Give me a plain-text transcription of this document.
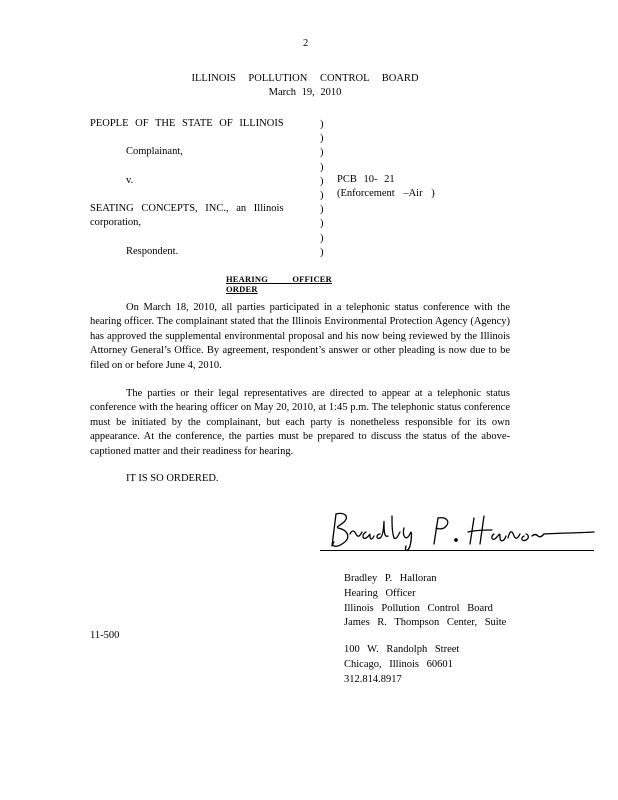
2
ILLINOIS POLLUTION CONTROL BOARD
March 19, 2010
PEOPLE OF THE STATE OF ILLINOIS
Complainant,
v.
SEATING CONCEPTS, INC., an Illinois
corporation,
Respondent.
)
)
)
)
)
)
)
)
)
)
PCB 10- 21
(Enforcement –Air )
HEARING OFFICER ORDER

On March 18, 2010, all parties participated in a telephonic status conference with the hearing officer. The complainant stated that the Illinois Environmental Protection Agency (Agency) has approved the supplemental environmental proposal and his now being reviewed by the Illinois Attorney General’s Office. By agreement, respondent’s answer or other pleading is now due to be filed on or before June 4, 2010.

The parties or their legal representatives are directed to appear at a telephonic status conference with the hearing officer on May 20, 2010, at 1:45 p.m. The telephonic status conference must be initiated by the complainant, but each party is nonetheless responsible for its own appearance. At the conference, the parties must be prepared to discuss the status of the above-captioned matter and their readiness for hearing.

IT IS SO ORDERED.

Bradley P. Halloran
Hearing Officer
Illinois Pollution Control Board
James R. Thompson Center, Suite
11-500
100 W. Randolph Street
Chicago, Illinois 60601
312.814.8917
